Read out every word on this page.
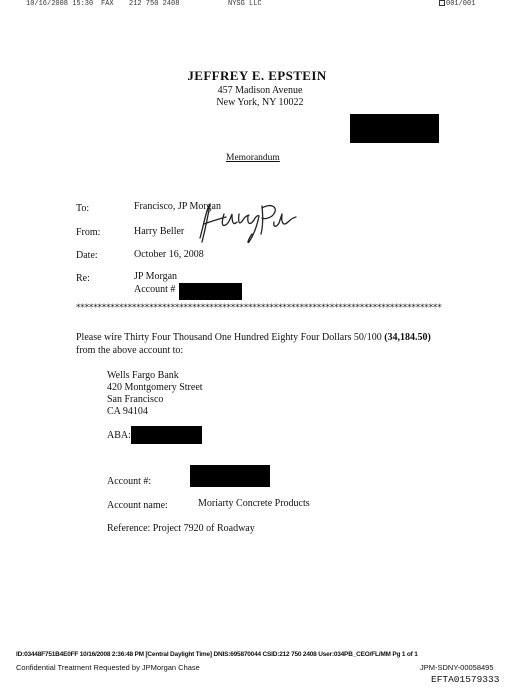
10/16/2008 15:30 FAX 212 750 2408	NYSG LLC	001/001
JEFFREY E. EPSTEIN
457 Madison Avenue
New York, NY 10022
Memorandum
To:	Francisco, JP Morgan
From:	Harry Beller
Date:	October 16, 2008
Re:	JP Morgan
Account #
*************************************************************************************
Please wire Thirty Four Thousand One Hundred Eighty Four Dollars 50/100 (34,184.50)
from the above account to:
Wells Fargo Bank
420 Montgomery Street
San Francisco
CA 94104
ABA:
Account #:
Account name:	Moriarty Concrete Products
Reference: Project 7920 of Roadway
ID:03448F751B4E0FF 10/16/2008 2:36:48 PM [Central Daylight Time] DNIS:695870044 CSID:212 750 2408 User:034PB_CEO/FL/MM Pg 1 of 1
Confidential Treatment Requested by JPMorgan Chase	JPM-SDNY-00058495
EFTA01579333
